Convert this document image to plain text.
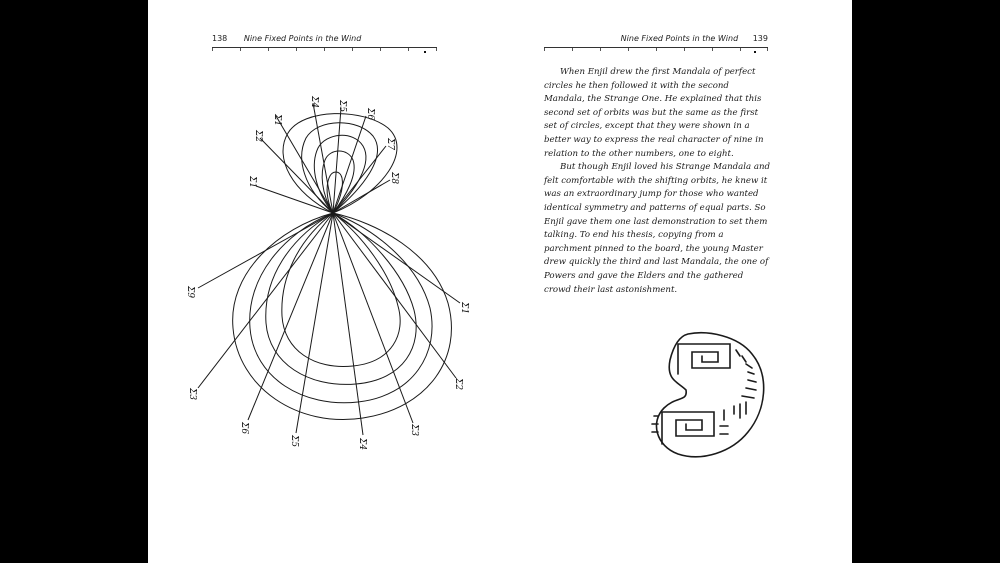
138 Nine Fixed Points in the Wind
Σ1
Σ2
Σ4 Σ5
Σ6
Σ7
Σ8
Σ1
Σ9
Σ3
Σ6
Σ5	Σ4
Σ3
Σ2
Σ1
Nine Fixed Points in the Wind 139

When Enjil drew the first Mandala of perfect circles he then followed it with the second Mandala, the Strange One. He explained that this second set of orbits was but the same as the first set of circles, except that they were shown in a better way to express the real character of nine in relation to the other numbers, one to eight.

But though Enjil loved his Strange Mandala and felt comfortable with the shifting orbits, he knew it was an extraordinary jump for those who wanted identical symmetry and patterns of equal parts. So Enjil gave them one last demonstration to set them talking. To end his thesis, copying from a parchment pinned to the board, the young Master drew quickly the third and last Mandala, the one of Powers and gave the Elders and the gathered crowd their last astonishment.
